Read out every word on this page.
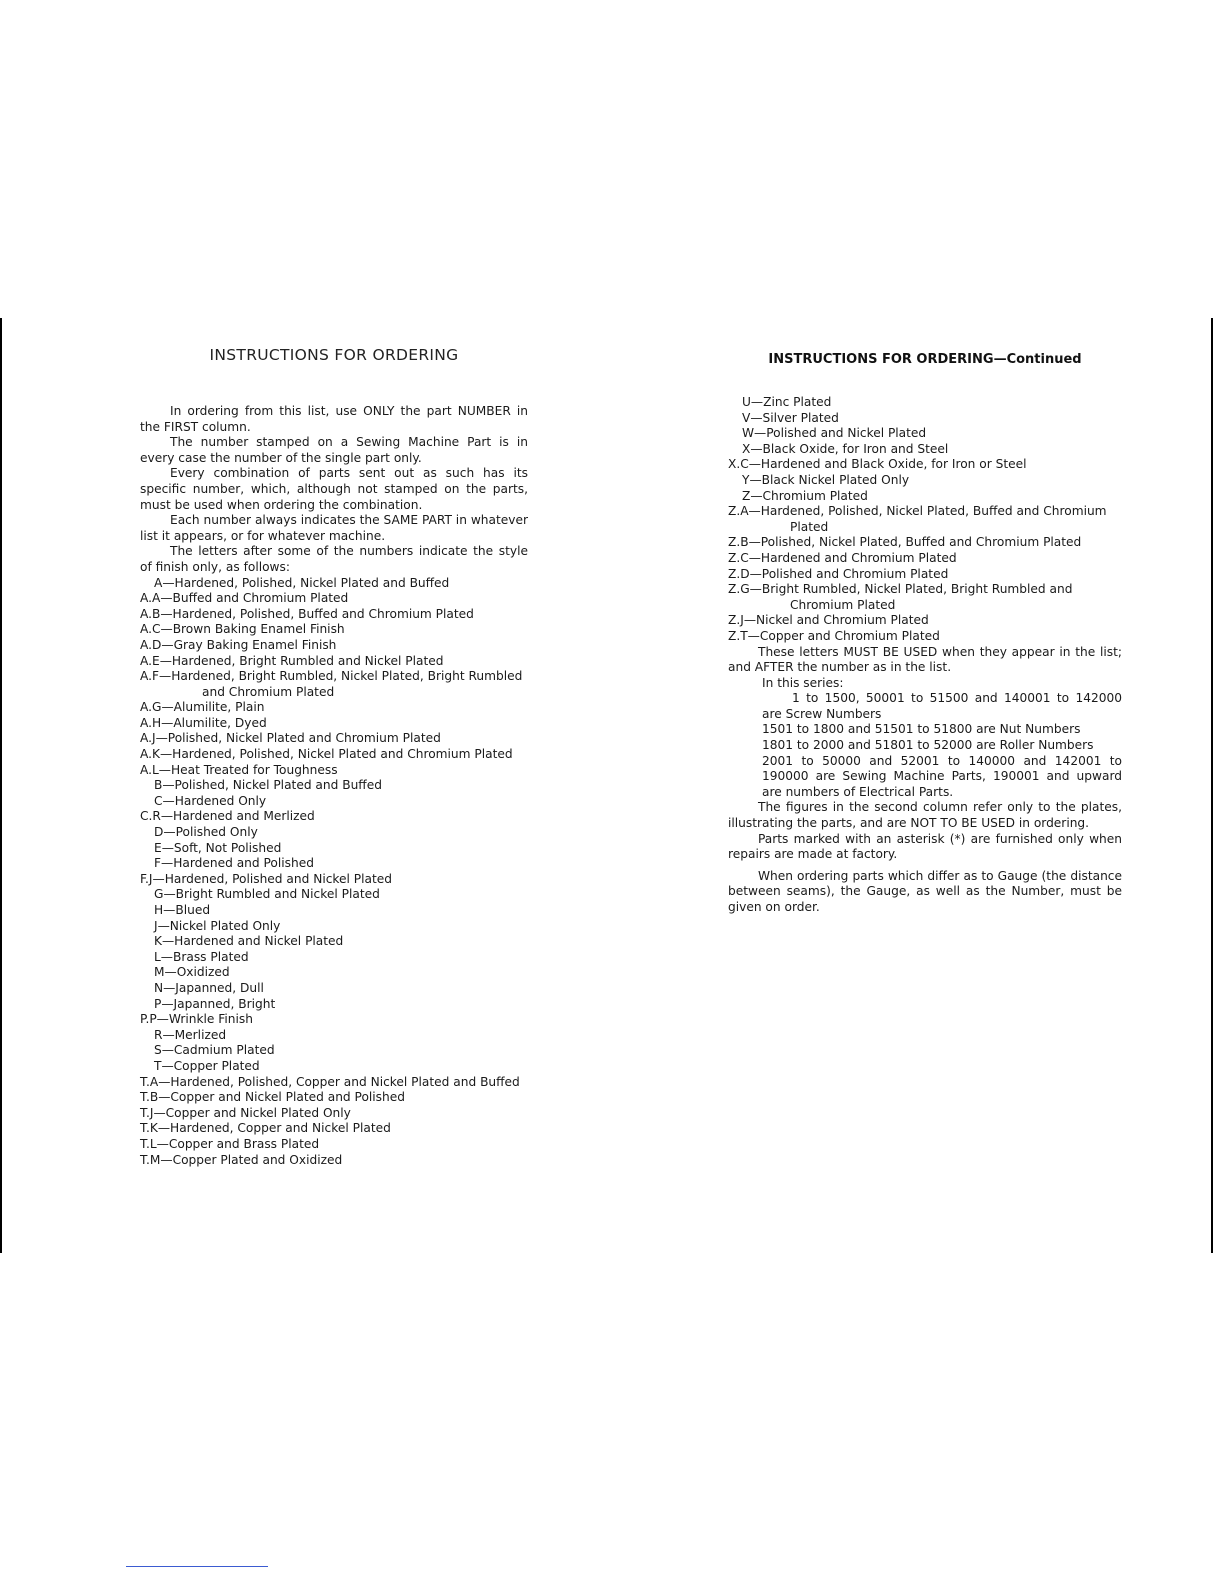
INSTRUCTIONS FOR ORDERING

In ordering from this list, use ONLY the part NUMBER in the FIRST column.

The number stamped on a Sewing Machine Part is in every case the number of the single part only.

Every combination of parts sent out as such has its specific number, which, although not stamped on the parts, must be used when ordering the combination.

Each number always indicates the SAME PART in whatever list it appears, or for whatever machine.

The letters after some of the numbers indicate the style of finish only, as follows:

A—Hardened, Polished, Nickel Plated and Buffed
A.A—Buffed and Chromium Plated
A.B—Hardened, Polished, Buffed and Chromium Plated
A.C—Brown Baking Enamel Finish
A.D—Gray Baking Enamel Finish
A.E—Hardened, Bright Rumbled and Nickel Plated
A.F—Hardened, Bright Rumbled, Nickel Plated, Bright Rumbled
and Chromium Plated
A.G—Alumilite, Plain
A.H—Alumilite, Dyed
A.J—Polished, Nickel Plated and Chromium Plated
A.K—Hardened, Polished, Nickel Plated and Chromium Plated
A.L—Heat Treated for Toughness
B—Polished, Nickel Plated and Buffed
C—Hardened Only
C.R—Hardened and Merlized
D—Polished Only
E—Soft, Not Polished
F—Hardened and Polished
F.J—Hardened, Polished and Nickel Plated
G—Bright Rumbled and Nickel Plated
H—Blued
J—Nickel Plated Only
K—Hardened and Nickel Plated
L—Brass Plated
M—Oxidized
N—Japanned, Dull
P—Japanned, Bright
P.P—Wrinkle Finish
R—Merlized
S—Cadmium Plated
T—Copper Plated
T.A—Hardened, Polished, Copper and Nickel Plated and Buffed
T.B—Copper and Nickel Plated and Polished
T.J—Copper and Nickel Plated Only
T.K—Hardened, Copper and Nickel Plated
T.L—Copper and Brass Plated
T.M—Copper Plated and Oxidized
INSTRUCTIONS FOR ORDERING—Continued
U—Zinc Plated
V—Silver Plated
W—Polished and Nickel Plated
X—Black Oxide, for Iron and Steel
X.C—Hardened and Black Oxide, for Iron or Steel
Y—Black Nickel Plated Only
Z—Chromium Plated
Z.A—Hardened, Polished, Nickel Plated, Buffed and Chromium
Plated
Z.B—Polished, Nickel Plated, Buffed and Chromium Plated
Z.C—Hardened and Chromium Plated
Z.D—Polished and Chromium Plated
Z.G—Bright Rumbled, Nickel Plated, Bright Rumbled and
Chromium Plated
Z.J—Nickel and Chromium Plated
Z.T—Copper and Chromium Plated

These letters MUST BE USED when they appear in the list; and AFTER the number as in the list.

In this series:

1 to 1500, 50001 to 51500 and 140001 to 142000 are Screw Numbers

1501 to 1800 and 51501 to 51800 are Nut Numbers

1801 to 2000 and 51801 to 52000 are Roller Numbers

2001 to 50000 and 52001 to 140000 and 142001 to 190000 are Sewing Machine Parts, 190001 and upward are numbers of Electrical Parts.

The figures in the second column refer only to the plates, illustrating the parts, and are NOT TO BE USED in ordering.

Parts marked with an asterisk (*) are furnished only when repairs are made at factory.

When ordering parts which differ as to Gauge (the distance between seams), the Gauge, as well as the Number, must be given on order.
